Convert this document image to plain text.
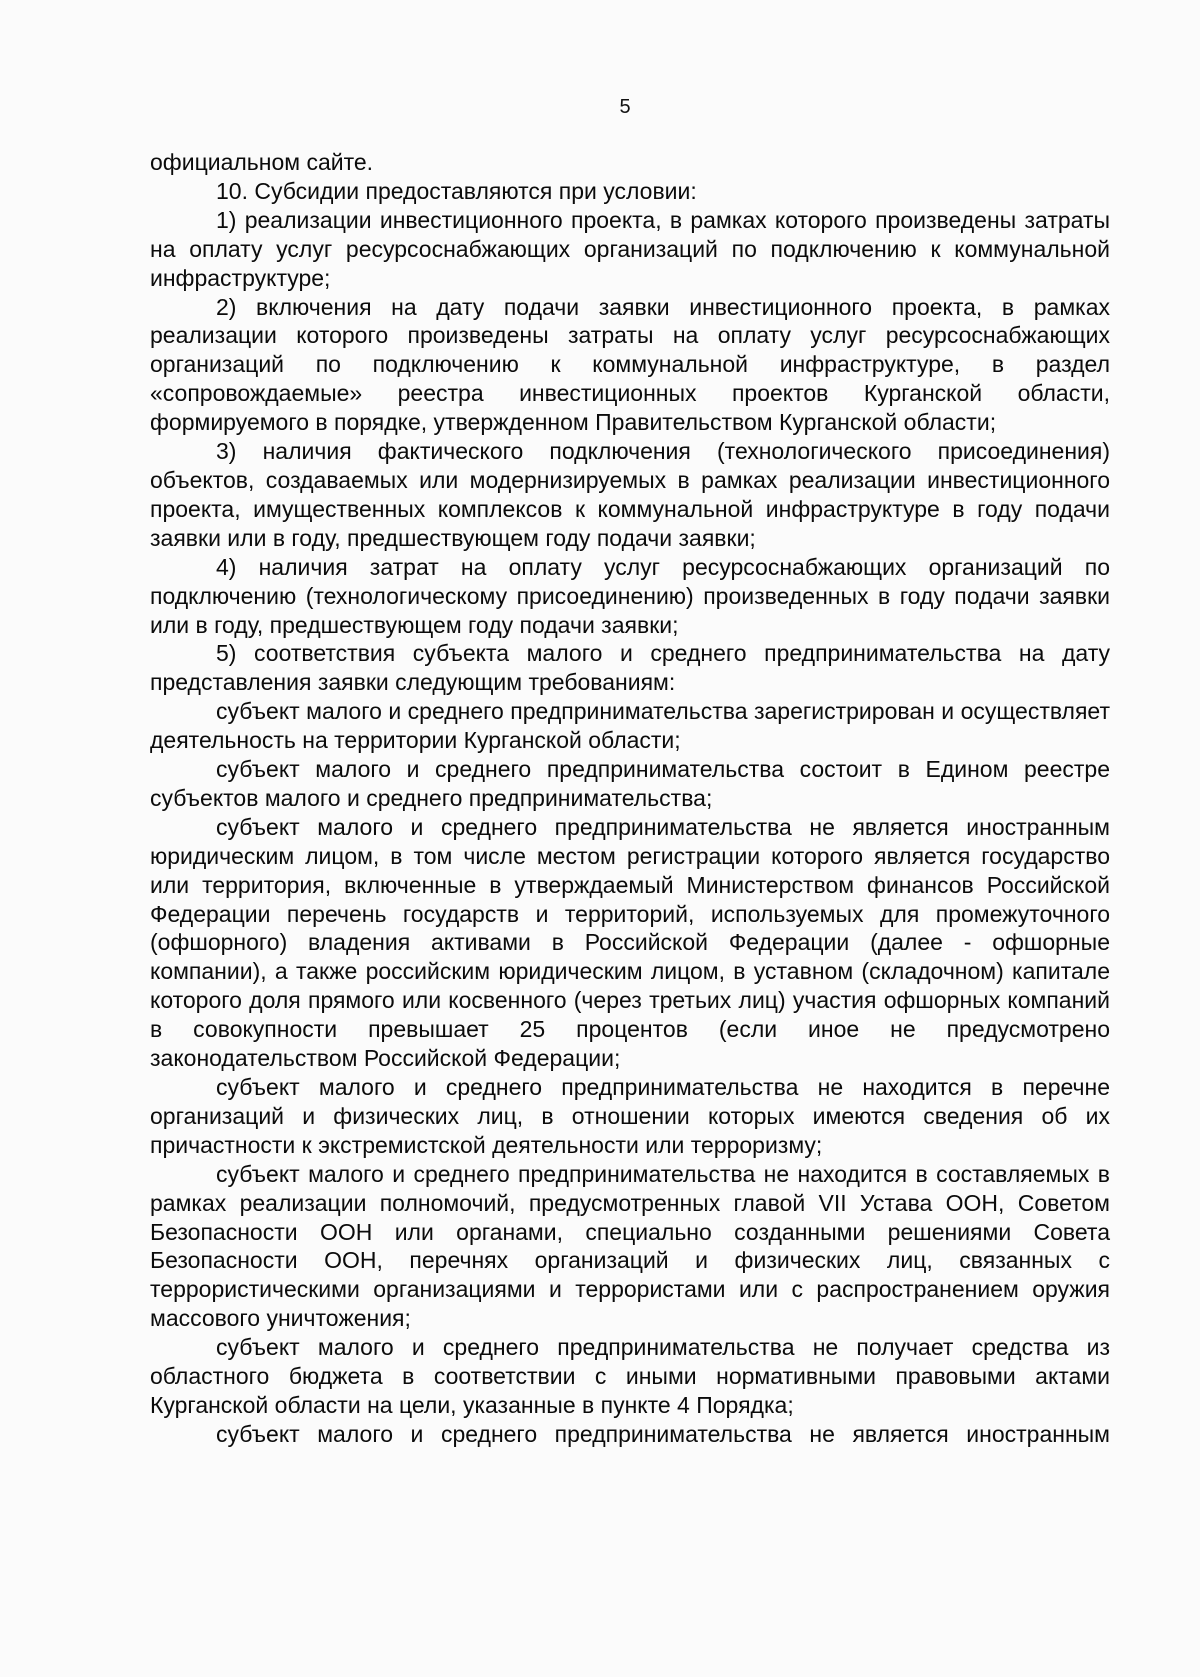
5

официальном сайте.

10. Субсидии предоставляются при условии:

1) реализации инвестиционного проекта, в рамках которого произведены затраты на оплату услуг ресурсоснабжающих организаций по подключению к коммунальной инфраструктуре;

2) включения на дату подачи заявки инвестиционного проекта, в рамках реализации которого произведены затраты на оплату услуг ресурсоснабжающих организаций по подключению к коммунальной инфраструктуре, в раздел «сопровождаемые» реестра инвестиционных проектов Курганской области, формируемого в порядке, утвержденном Правительством Курганской области;

3) наличия фактического подключения (технологического присоединения) объектов, создаваемых или модернизируемых в рамках реализации инвестиционного проекта, имущественных комплексов к коммунальной инфраструктуре в году подачи заявки или в году, предшествующем году подачи заявки;

4) наличия затрат на оплату услуг ресурсоснабжающих организаций по подключению (технологическому присоединению) произведенных в году подачи заявки или в году, предшествующем году подачи заявки;

5) соответствия субъекта малого и среднего предпринимательства на дату представления заявки следующим требованиям:

субъект малого и среднего предпринимательства зарегистрирован и осуществляет деятельность на территории Курганской области;

субъект малого и среднего предпринимательства состоит в Едином реестре субъектов малого и среднего предпринимательства;

субъект малого и среднего предпринимательства не является иностранным юридическим лицом, в том числе местом регистрации которого является государство или территория, включенные в утверждаемый Министерством финансов Российской Федерации перечень государств и территорий, используемых для промежуточного (офшорного) владения активами в Российской Федерации (далее - офшорные компании), а также российским юридическим лицом, в уставном (складочном) капитале которого доля прямого или косвенного (через третьих лиц) участия офшорных компаний в совокупности превышает 25 процентов (если иное не предусмотрено законодательством Российской Федерации;

субъект малого и среднего предпринимательства не находится в перечне организаций и физических лиц, в отношении которых имеются сведения об их причастности к экстремистской деятельности или терроризму;

субъект малого и среднего предпринимательства не находится в составляемых в рамках реализации полномочий, предусмотренных главой VII Устава ООН, Советом Безопасности ООН или органами, специально созданными решениями Совета Безопасности ООН, перечнях организаций и физических лиц, связанных с террористическими организациями и террористами или с распространением оружия массового уничтожения;

субъект малого и среднего предпринимательства не получает средства из областного бюджета в соответствии с иными нормативными правовыми актами Курганской области на цели, указанные в пункте 4 Порядка;

субъект малого и среднего предпринимательства не является иностранным
